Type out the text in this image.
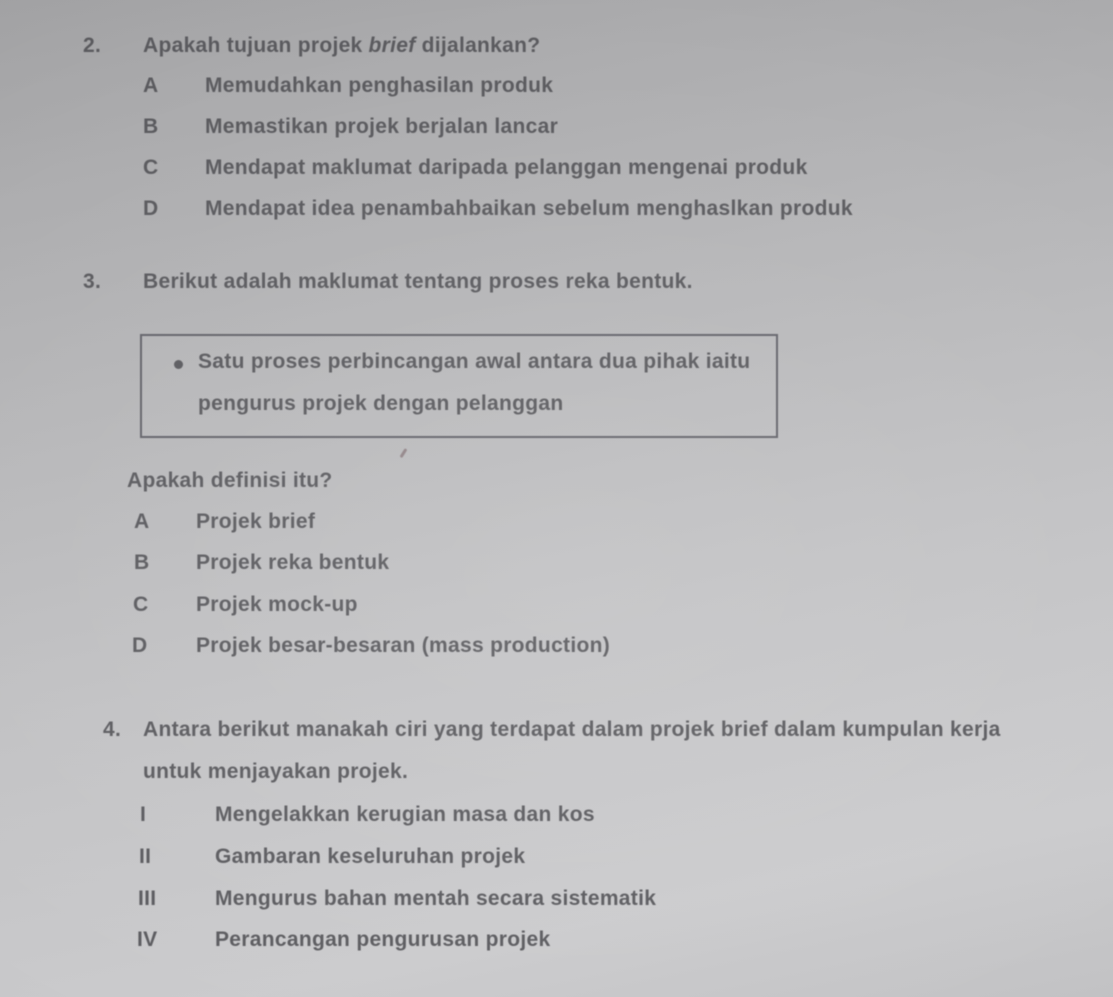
2. Apakah tujuan projek brief dijalankan?
A Memudahkan penghasilan produk
B Memastikan projek berjalan lancar
C Mendapat maklumat daripada pelanggan mengenai produk
D Mendapat idea penambahbaikan sebelum menghaslkan produk
3. Berikut adalah maklumat tentang proses reka bentuk.
Satu proses perbincangan awal antara dua pihak iaitu
pengurus projek dengan pelanggan
Apakah definisi itu?
A Projek brief
B Projek reka bentuk
C Projek mock-up
D Projek besar-besaran (mass production)
4. Antara berikut manakah ciri yang terdapat dalam projek brief dalam kumpulan kerja
untuk menjayakan projek.
I	Mengelakkan kerugian masa dan kos
II	Gambaran keseluruhan projek
III	Mengurus bahan mentah secara sistematik
IV	Perancangan pengurusan projek
